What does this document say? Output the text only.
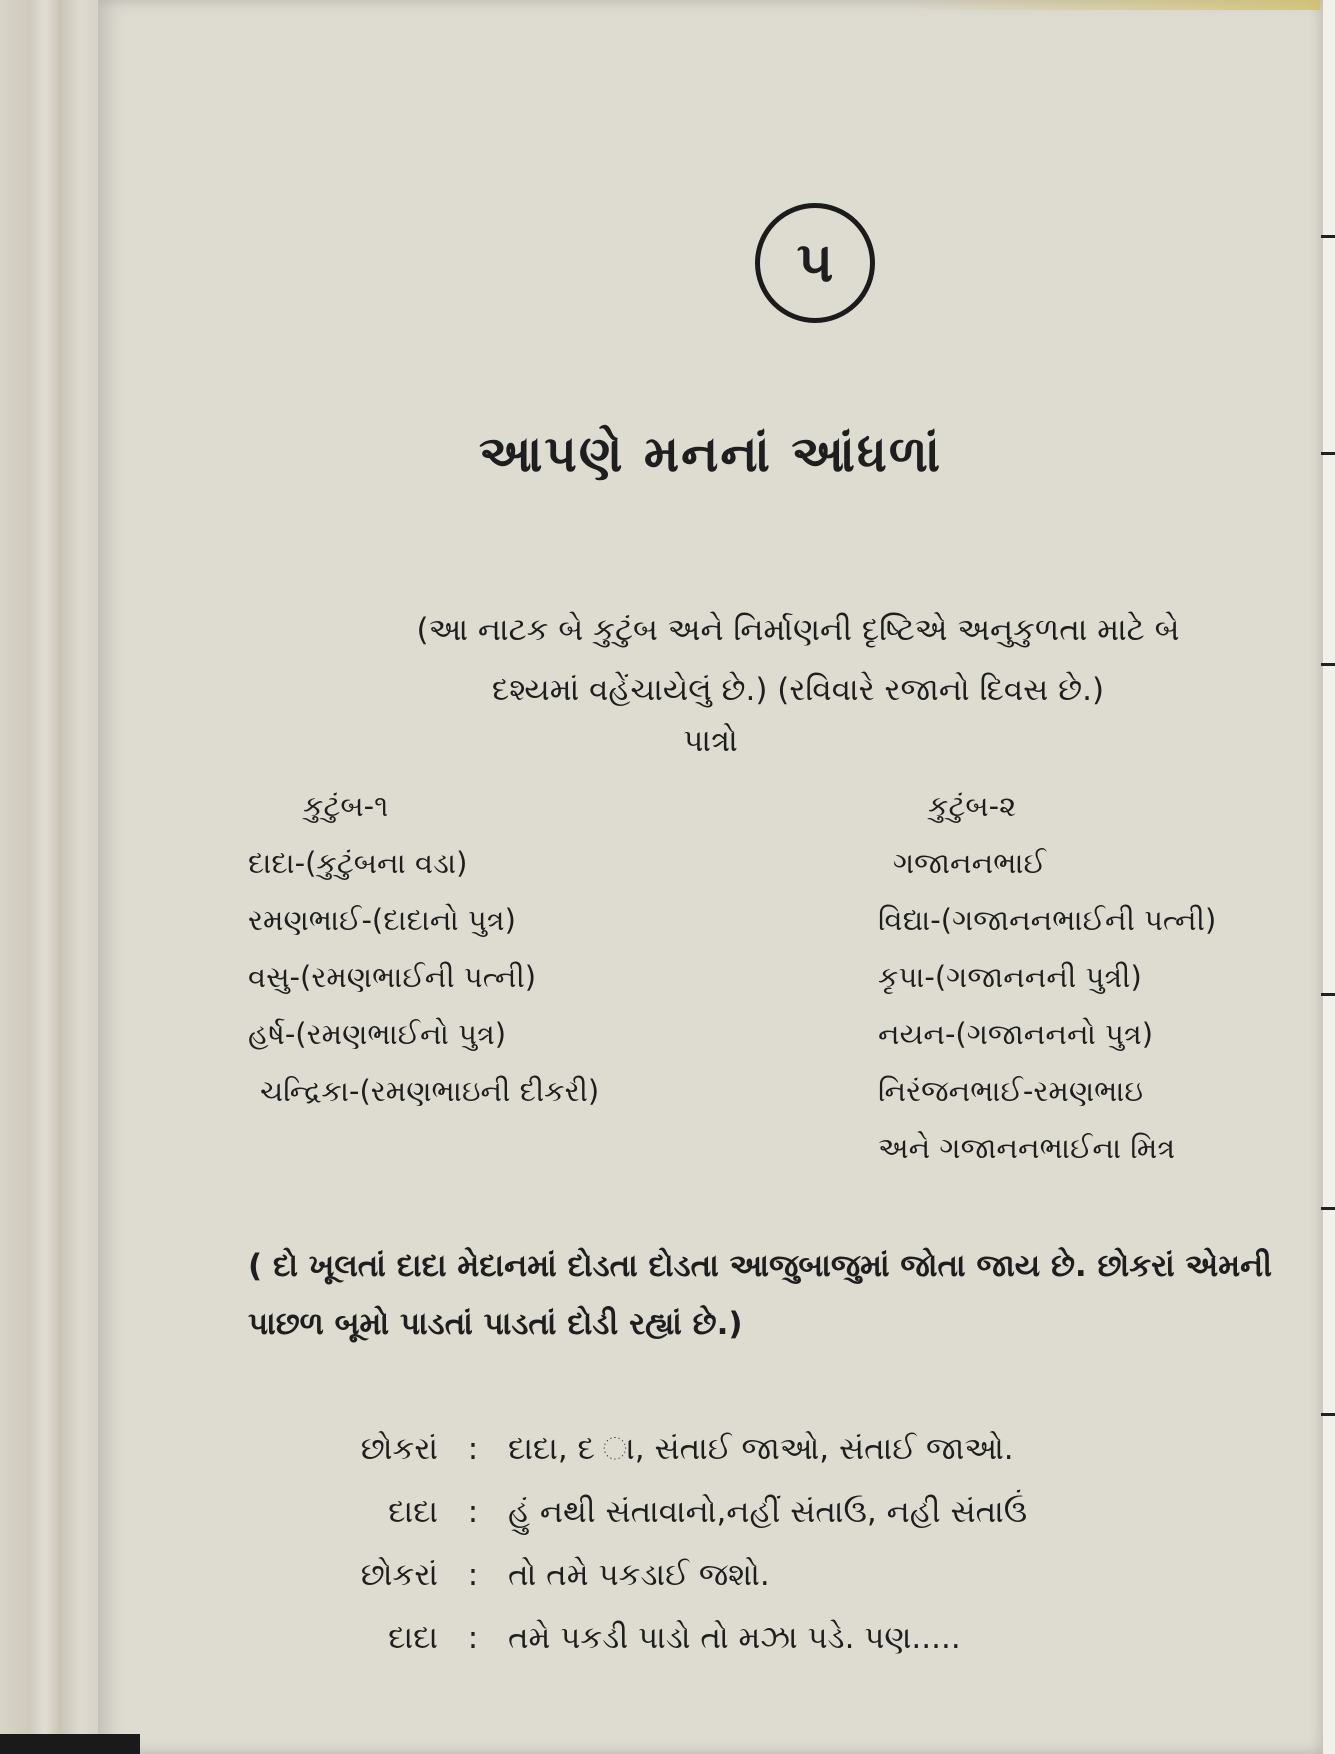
૫
આપણે મનનાં આંધળાં
(આ નાટક બે કુટુંબ અને નિર્માણની દૃષ્ટિએ અનુકુળતા માટે બે
દશ્યમાં વહેંચાયેલું છે.) (રવિવારે રજાનો દિવસ છે.)
પાત્રો
કુટુંબ-૧
દાદા-(કુટુંબના વડા)
રમણભાઈ-(દાદાનો પુત્ર)
વસુ-(રમણભાઈની પત્ની)
હર્ષ-(રમણભાઈનો પુત્ર)
ચન્દ્રિકા-(રમણભાઇની દીકરી)
કુટુંબ-૨
ગજાનનભાઈ
વિદ્યા-(ગજાનનભાઈની પત્ની)
કૃપા-(ગજાનનની પુત્રી)
નયન-(ગજાનનનો પુત્ર)
નિરંજનભાઈ-રમણભાઇ
અને ગજાનનભાઈના મિત્ર
( દો ખૂલતાં દાદા મેદાનમાં દોડતા દોડતા આજુબાજુમાં જોતા જાય છે. છોકરાં એમની પાછળ બૂમો પાડતાં પાડતાં દોડી રહ્યાં છે.)
છોકરાં : દાદા, દ ા, સંતાઈ જાઓ, સંતાઈ જાઓ.
દાદા : હું નથી સંતાવાનો,નહીં સંતાઉ, નહી સંતાઉં
છોકરાં : તો તમે પકડાઈ જશો.
દાદા : તમે પકડી પાડો તો મઝા પડે. પણ.....
